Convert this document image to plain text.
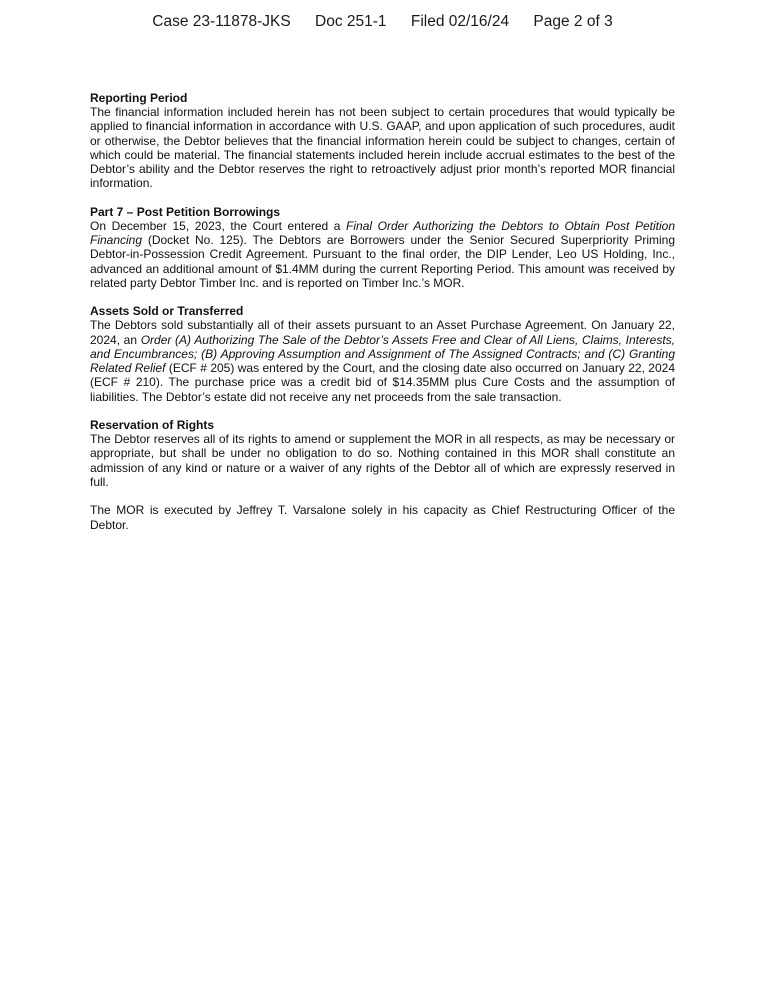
Case 23-11878-JKS Doc 251-1 Filed 02/16/24 Page 2 of 3

Reporting Period

The financial information included herein has not been subject to certain procedures that would typically be applied to financial information in accordance with U.S. GAAP, and upon application of such procedures, audit or otherwise, the Debtor believes that the financial information herein could be subject to changes, certain of which could be material. The financial statements included herein include accrual estimates to the best of the Debtor’s ability and the Debtor reserves the right to retroactively adjust prior month’s reported MOR financial information.

Part 7 – Post Petition Borrowings

On December 15, 2023, the Court entered a Final Order Authorizing the Debtors to Obtain Post Petition Financing (Docket No. 125). The Debtors are Borrowers under the Senior Secured Superpriority Priming Debtor-in-Possession Credit Agreement. Pursuant to the final order, the DIP Lender, Leo US Holding, Inc., advanced an additional amount of $1.4MM during the current Reporting Period. This amount was received by related party Debtor Timber Inc. and is reported on Timber Inc.’s MOR.

Assets Sold or Transferred

The Debtors sold substantially all of their assets pursuant to an Asset Purchase Agreement. On January 22, 2024, an Order (A) Authorizing The Sale of the Debtor’s Assets Free and Clear of All Liens, Claims, Interests, and Encumbrances; (B) Approving Assumption and Assignment of The Assigned Contracts; and (C) Granting Related Relief (ECF # 205) was entered by the Court, and the closing date also occurred on January 22, 2024 (ECF # 210). The purchase price was a credit bid of $14.35MM plus Cure Costs and the assumption of liabilities. The Debtor’s estate did not receive any net proceeds from the sale transaction.

Reservation of Rights

The Debtor reserves all of its rights to amend or supplement the MOR in all respects, as may be necessary or appropriate, but shall be under no obligation to do so. Nothing contained in this MOR shall constitute an admission of any kind or nature or a waiver of any rights of the Debtor all of which are expressly reserved in full.

The MOR is executed by Jeffrey T. Varsalone solely in his capacity as Chief Restructuring Officer of the Debtor.
